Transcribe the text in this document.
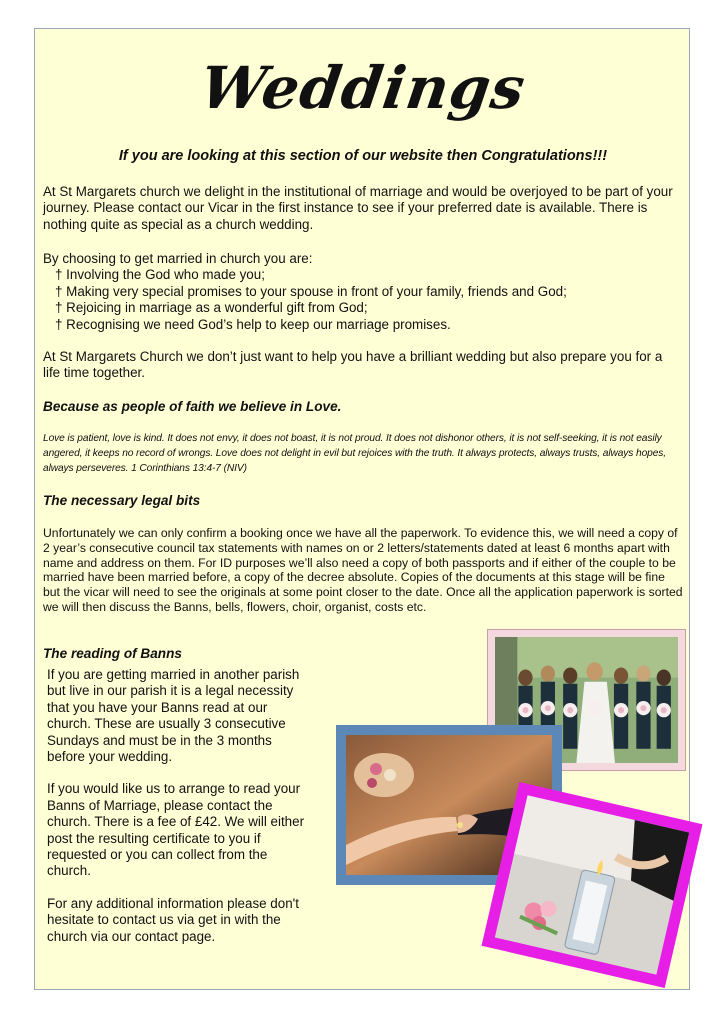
Weddings
If you are looking at this section of our website then Congratulations!!!

At St Margarets church we delight in the institutional of marriage and would be overjoyed to be part of your journey. Please contact our Vicar in the first instance to see if your preferred date is available. There is nothing quite as special as a church wedding.

By choosing to get married in church you are:

† Involving the God who made you;
† Making very special promises to your spouse in front of your family, friends and God;
† Rejoicing in marriage as a wonderful gift from God;
† Recognising we need God’s help to keep our marriage promises.

At St Margarets Church we don’t just want to help you have a brilliant wedding but also prepare you for a life time together.

Because as people of faith we believe in Love.
Love is patient, love is kind. It does not envy, it does not boast, it is not proud. It does not dishonor others, it is not self-seeking, it is not easily angered, it keeps no record of wrongs. Love does not delight in evil but rejoices with the truth. It always protects, always trusts, always hopes, always perseveres. 1 Corinthians 13:4-7 (NIV)
The necessary legal bits
Unfortunately we can only confirm a booking once we have all the paperwork. To evidence this, we will need a copy of 2 year’s consecutive council tax statements with names on or 2 letters/statements dated at least 6 months apart with name and address on them. For ID purposes we’ll also need a copy of both passports and if either of the couple to be married have been married before, a copy of the decree absolute. Copies of the documents at this stage will be fine but the vicar will need to see the originals at some point closer to the date. Once all the application paperwork is sorted we will then discuss the Banns, bells, flowers, choir, organist, costs etc.
The reading of Banns

If you are getting married in another parish but live in our parish it is a legal necessity that you have your Banns read at our church. These are usually 3 consecutive Sundays and must be in the 3 months before your wedding.

If you would like us to arrange to read your Banns of Marriage, please contact the church. There is a fee of £42. We will either post the resulting certificate to you if requested or you can collect from the church.

For any additional information please don't hesitate to contact us via get in with the church via our contact page.
